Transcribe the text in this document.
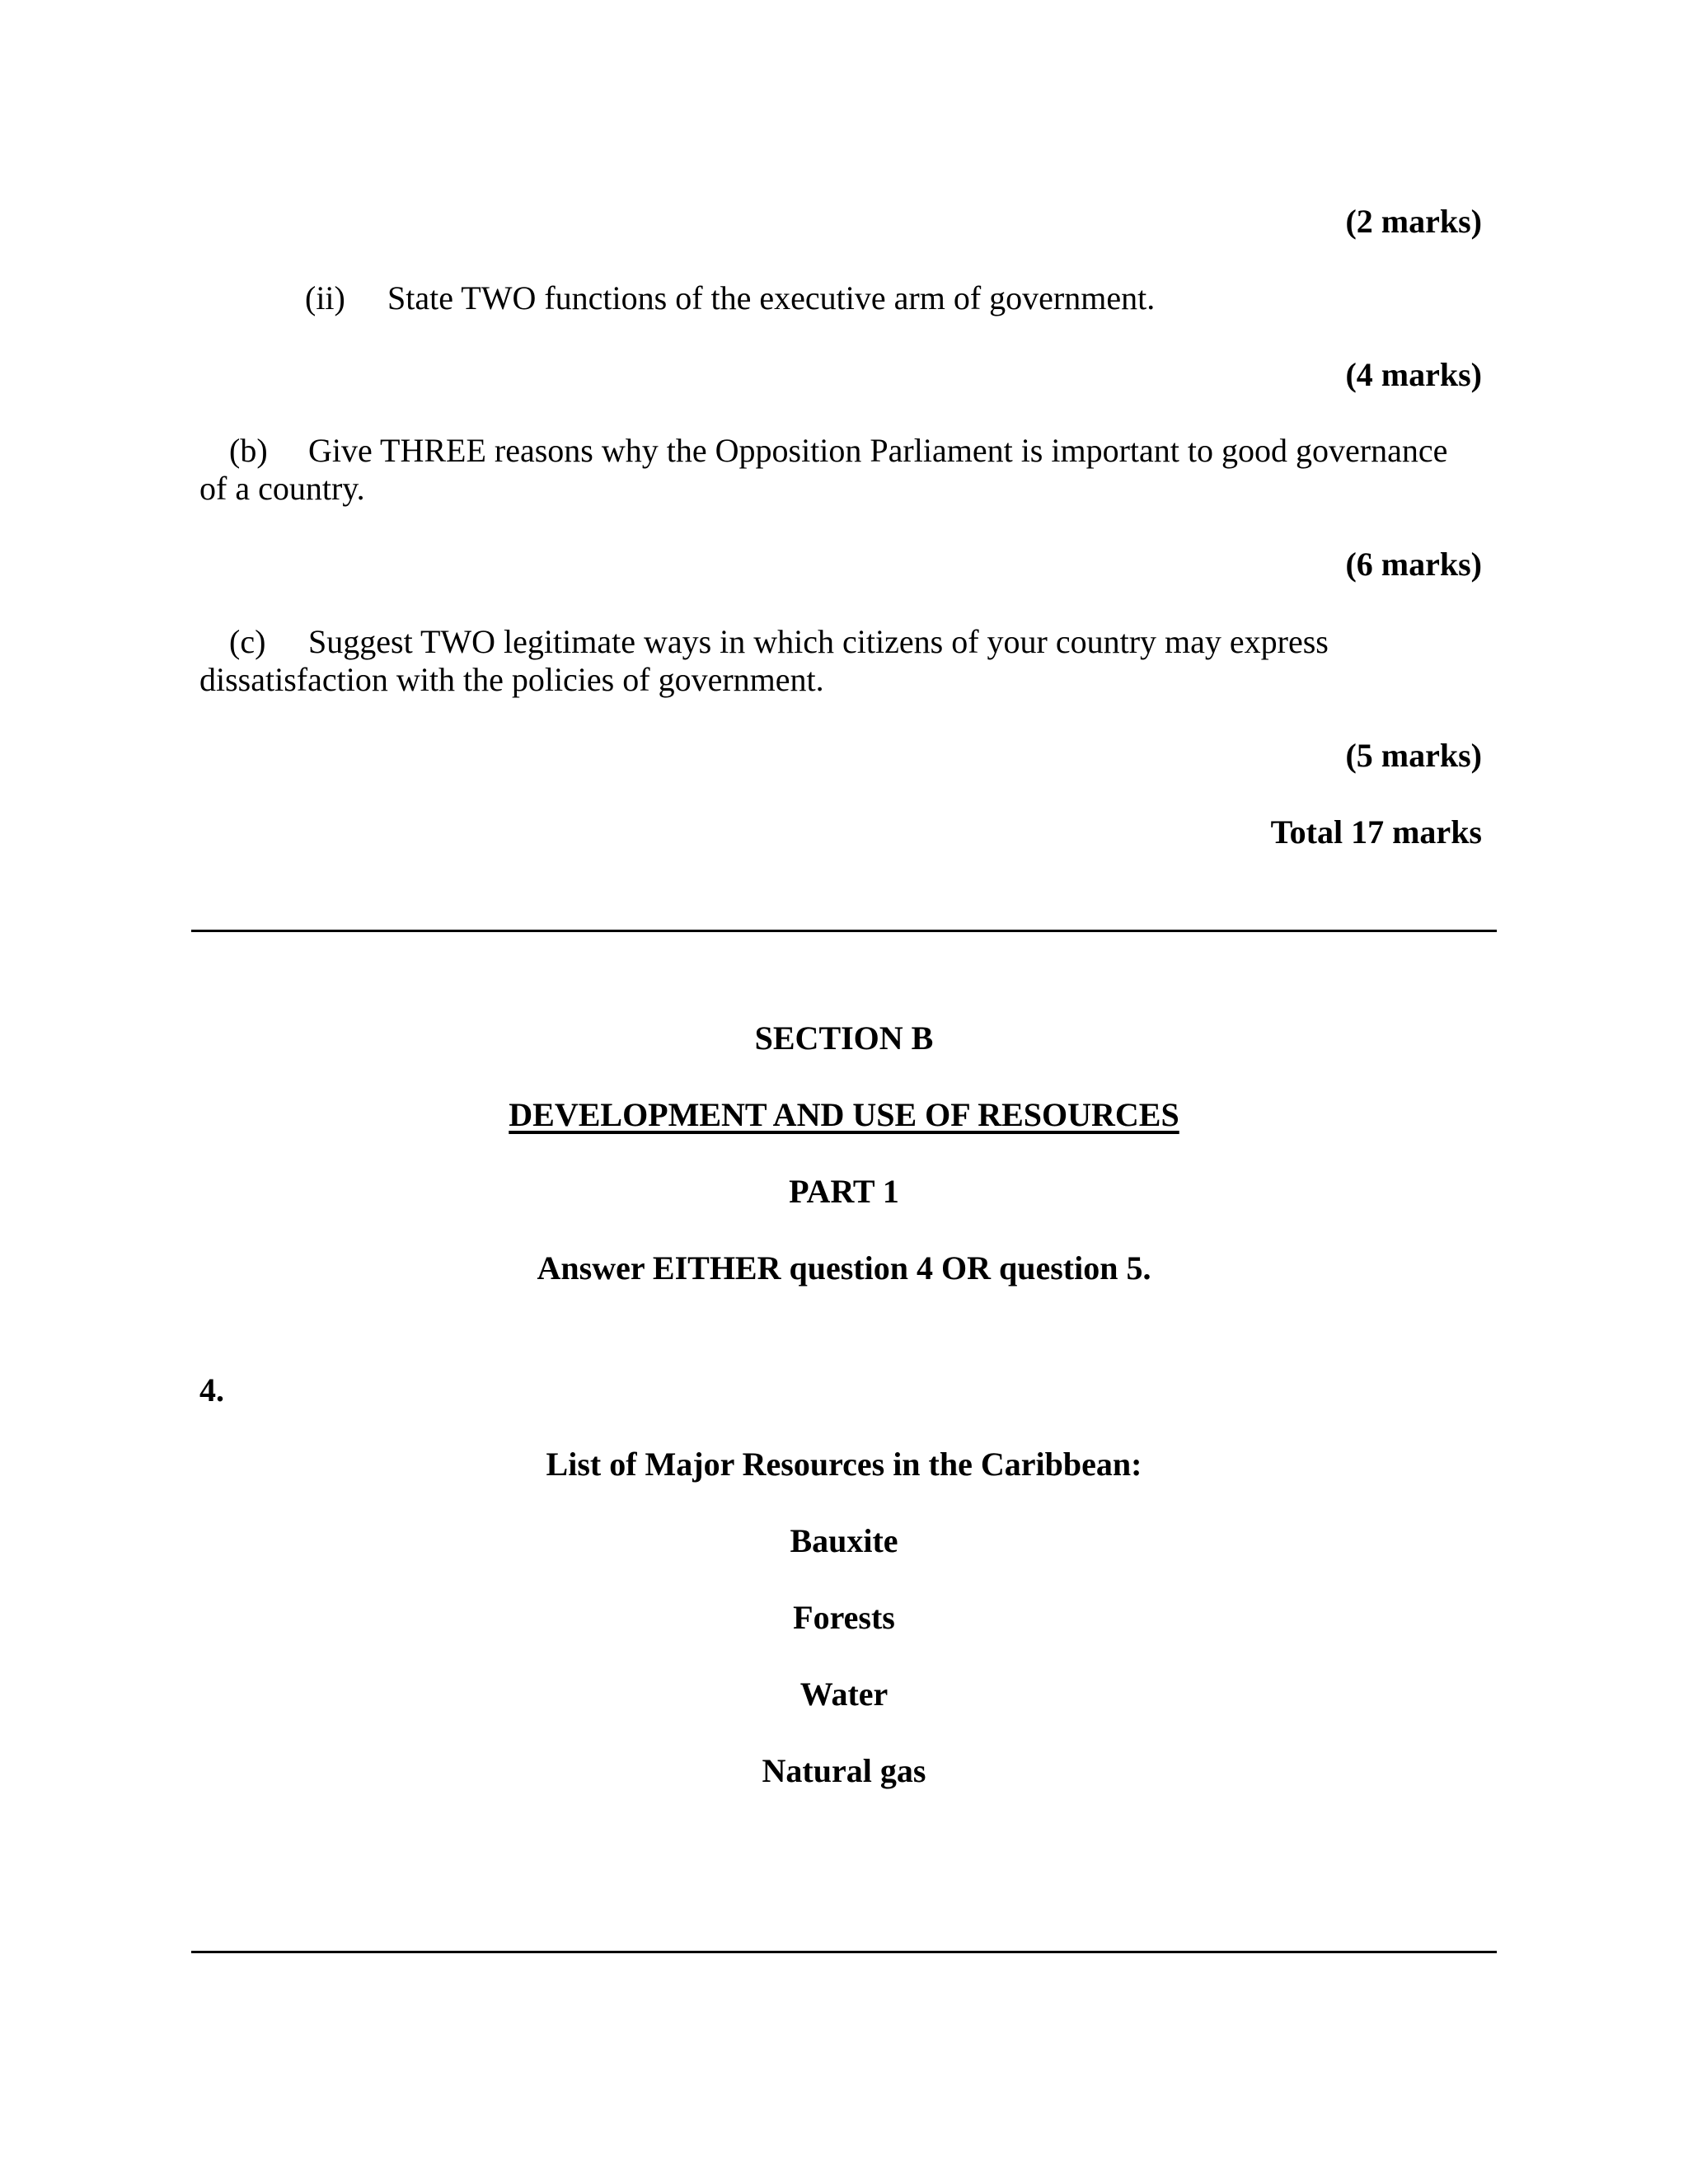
(2 marks)
(ii) State TWO functions of the executive arm of government.
(4 marks)
(b) Give THREE reasons why the Opposition Parliament is important to good governance
of a country.
(6 marks)
(c) Suggest TWO legitimate ways in which citizens of your country may express
dissatisfaction with the policies of government.
(5 marks)
Total 17 marks
SECTION B
DEVELOPMENT AND USE OF RESOURCES
PART 1
Answer EITHER question 4 OR question 5.
4.
List of Major Resources in the Caribbean:
Bauxite
Forests
Water
Natural gas
